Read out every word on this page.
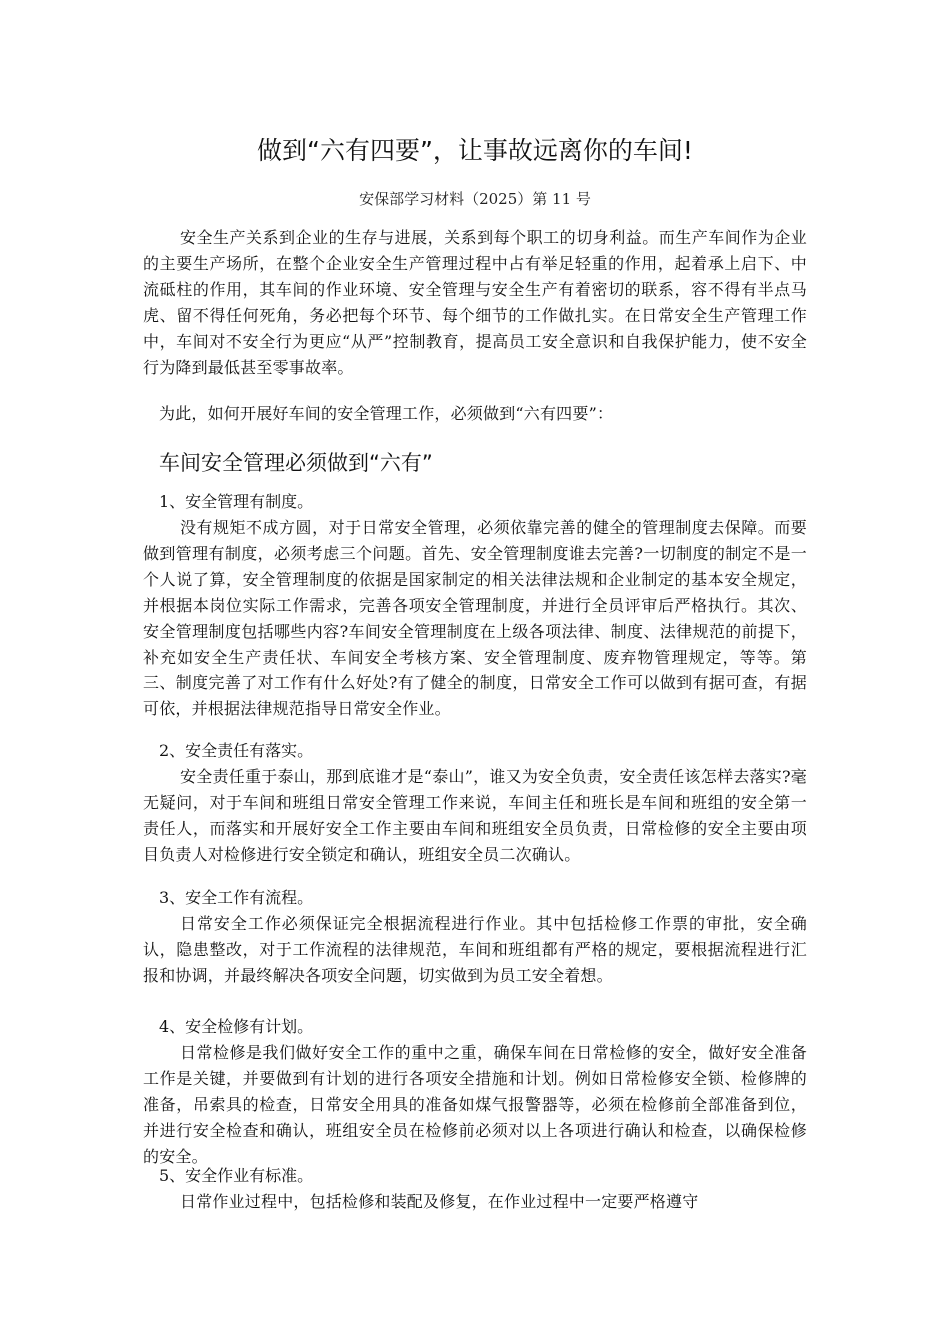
做到“六有四要”，让事故远离你的车间!

安保部学习材料（2025）第 11 号

安全生产关系到企业的生存与进展，关系到每个职工的切身利益。而生产车间作为企业的主要生产场所，在整个企业安全生产管理过程中占有举足轻重的作用，起着承上启下、中流砥柱的作用，其车间的作业环境、安全管理与安全生产有着密切的联系，容不得有半点马虎、留不得任何死角，务必把每个环节、每个细节的工作做扎实。在日常安全生产管理工作中，车间对不安全行为更应“从严”控制教育，提高员工安全意识和自我保护能力，使不安全行为降到最低甚至零事故率。

为此，如何开展好车间的安全管理工作，必须做到“六有四要”：

车间安全管理必须做到“六有”

1、安全管理有制度。

没有规矩不成方圆，对于日常安全管理，必须依靠完善的健全的管理制度去保障。而要做到管理有制度，必须考虑三个问题。首先、安全管理制度谁去完善?一切制度的制定不是一个人说了算，安全管理制度的依据是国家制定的相关法律法规和企业制定的基本安全规定，并根据本岗位实际工作需求，完善各项安全管理制度，并进行全员评审后严格执行。其次、安全管理制度包括哪些内容?车间安全管理制度在上级各项法律、制度、法律规范的前提下，补充如安全生产责任状、车间安全考核方案、安全管理制度、废弃物管理规定，等等。第三、制度完善了对工作有什么好处?有了健全的制度，日常安全工作可以做到有据可查，有据可依，并根据法律规范指导日常安全作业。

2、安全责任有落实。

安全责任重于泰山，那到底谁才是“泰山”，谁又为安全负责，安全责任该怎样去落实?毫无疑问，对于车间和班组日常安全管理工作来说，车间主任和班长是车间和班组的安全第一责任人，而落实和开展好安全工作主要由车间和班组安全员负责，日常检修的安全主要由项目负责人对检修进行安全锁定和确认，班组安全员二次确认。

3、安全工作有流程。

日常安全工作必须保证完全根据流程进行作业。其中包括检修工作票的审批，安全确认，隐患整改，对于工作流程的法律规范，车间和班组都有严格的规定，要根据流程进行汇报和协调，并最终解决各项安全问题，切实做到为员工安全着想。

4、安全检修有计划。

日常检修是我们做好安全工作的重中之重，确保车间在日常检修的安全，做好安全准备工作是关键，并要做到有计划的进行各项安全措施和计划。例如日常检修安全锁、检修牌的准备，吊索具的检查，日常安全用具的准备如煤气报警器等，必须在检修前全部准备到位，并进行安全检查和确认，班组安全员在检修前必须对以上各项进行确认和检查，以确保检修的安全。

5、安全作业有标准。

日常作业过程中，包括检修和装配及修复，在作业过程中一定要严格遵守
